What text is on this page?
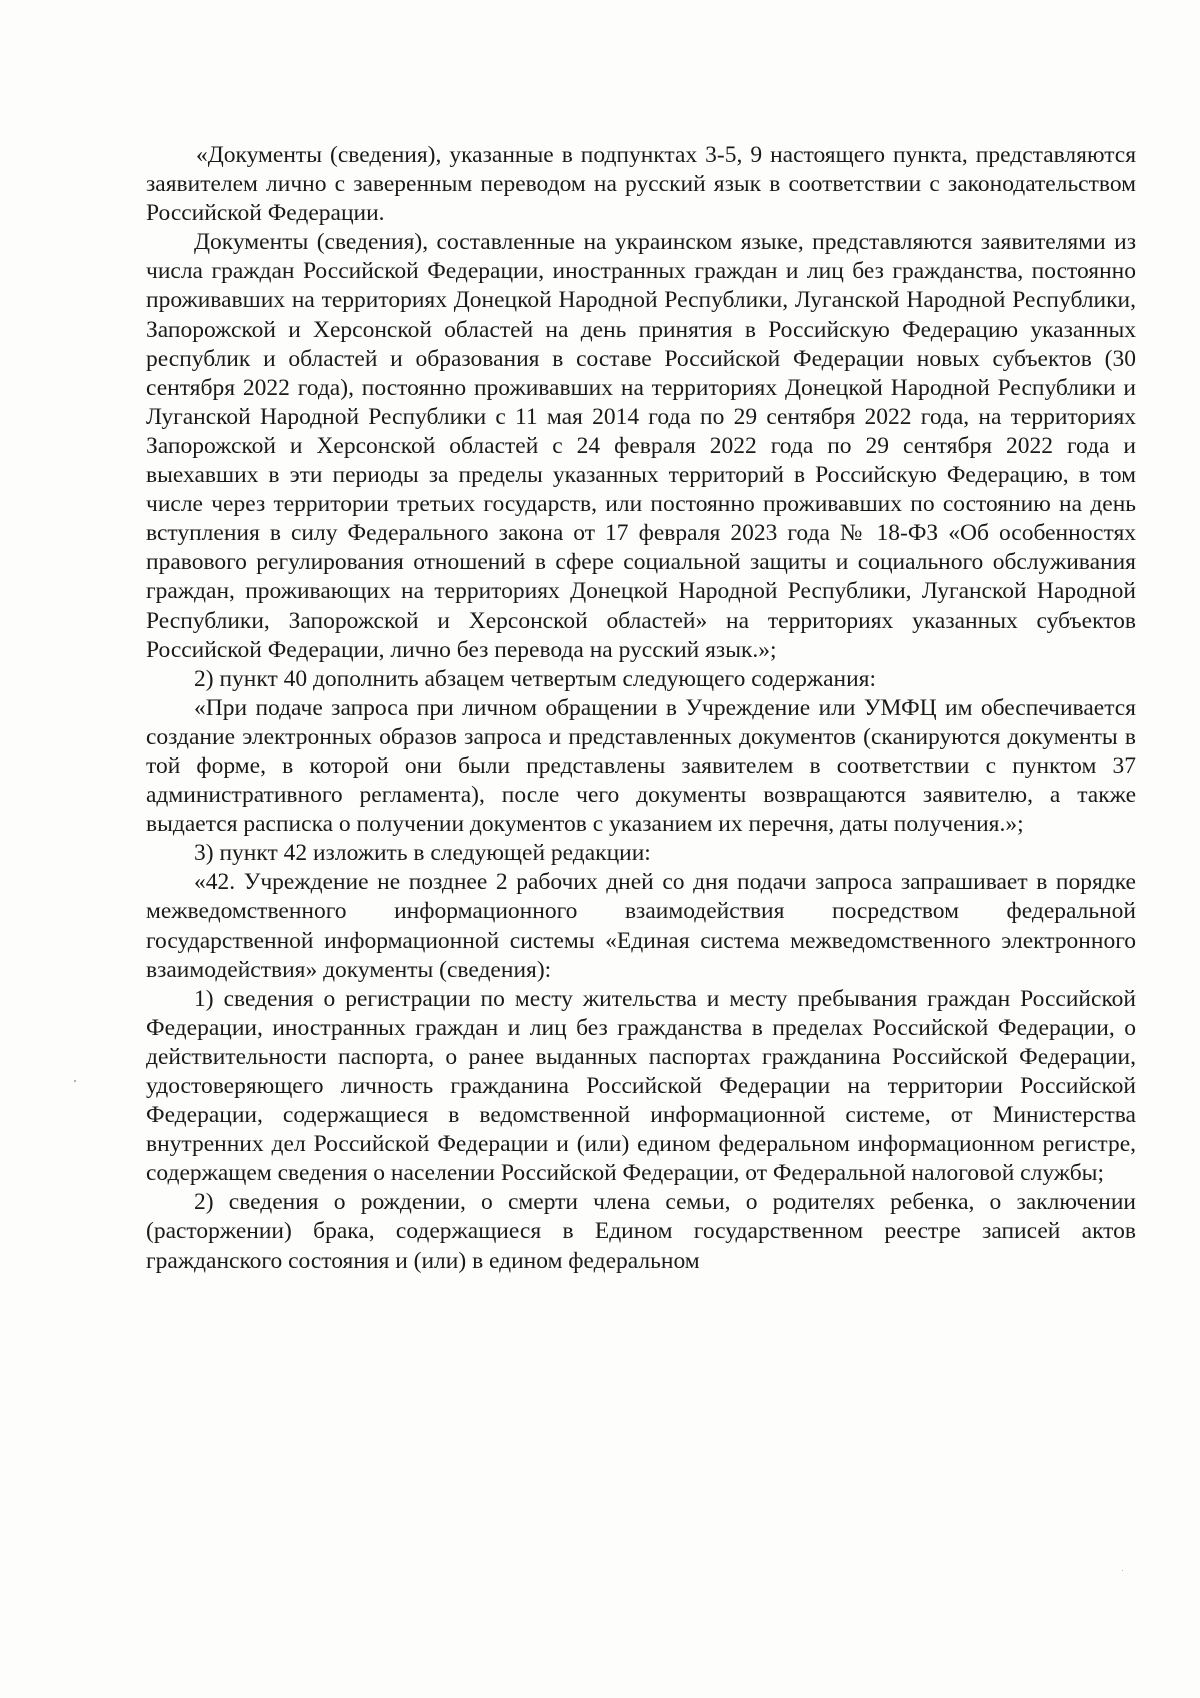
«Документы (сведения), указанные в подпунктах 3-5, 9 настоящего пункта, представляются заявителем лично с заверенным переводом на русский язык в соответствии с законодательством Российской Федерации.

Документы (сведения), составленные на украинском языке, представляются заявителями из числа граждан Российской Федерации, иностранных граждан и лиц без гражданства, постоянно проживавших на территориях Донецкой Народной Республики, Луганской Народной Республики, Запорожской и Херсонской областей на день принятия в Российскую Федерацию указанных республик и областей и образования в составе Российской Федерации новых субъектов (30 сентября 2022 года), постоянно проживавших на территориях Донецкой Народной Республики и Луганской Народной Республики с 11 мая 2014 года по 29 сентября 2022 года, на территориях Запорожской и Херсонской областей с 24 февраля 2022 года по 29 сентября 2022 года и выехавших в эти периоды за пределы указанных территорий в Российскую Федерацию, в том числе через территории третьих государств, или постоянно проживавших по состоянию на день вступления в силу Федерального закона от 17 февраля 2023 года № 18-ФЗ «Об особенностях правового регулирования отношений в сфере социальной защиты и социального обслуживания граждан, проживающих на территориях Донецкой Народной Республики, Луганской Народной Республики, Запорожской и Херсонской областей» на территориях указанных субъектов Российской Федерации, лично без перевода на русский язык.»;

2) пункт 40 дополнить абзацем четвертым следующего содержания:

«При подаче запроса при личном обращении в Учреждение или УМФЦ им обеспечивается создание электронных образов запроса и представленных документов (сканируются документы в той форме, в которой они были представлены заявителем в соответствии с пунктом 37 административного регламента), после чего документы возвращаются заявителю, а также выдается расписка о получении документов с указанием их перечня, даты получения.»;

3) пункт 42 изложить в следующей редакции:

«42. Учреждение не позднее 2 рабочих дней со дня подачи запроса запрашивает в порядке межведомственного информационного взаимодействия посредством федеральной государственной информационной системы «Единая система межведомственного электронного взаимодействия» документы (сведения):

1) сведения о регистрации по месту жительства и месту пребывания граждан Российской Федерации, иностранных граждан и лиц без гражданства в пределах Российской Федерации, о действительности паспорта, о ранее выданных паспортах гражданина Российской Федерации, удостоверяющего личность гражданина Российской Федерации на территории Российской Федерации, содержащиеся в ведомственной информационной системе, от Министерства внутренних дел Российской Федерации и (или) едином федеральном информационном регистре, содержащем сведения о населении Российской Федерации, от Федеральной налоговой службы;

2) сведения о рождении, о смерти члена семьи, о родителях ребенка, о заключении (расторжении) брака, содержащиеся в Едином государственном реестре записей актов гражданского состояния и (или) в едином федеральном
